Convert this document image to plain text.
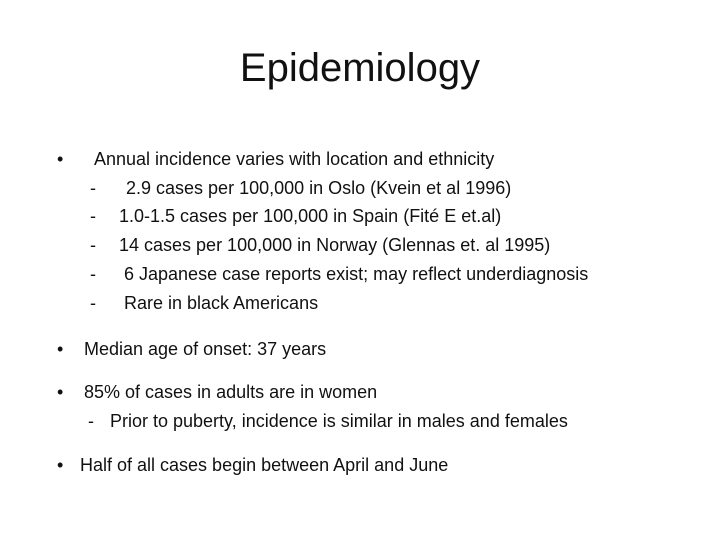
Epidemiology
• Annual incidence varies with location and ethnicity
- 2.9 cases per 100,000 in Oslo (Kvein et al 1996)
- 1.0-1.5 cases per 100,000 in Spain (Fité E et.al)
- 14 cases per 100,000 in Norway (Glennas et. al 1995)
- 6 Japanese case reports exist; may reflect underdiagnosis
- Rare in black Americans
• Median age of onset: 37 years
• 85% of cases in adults are in women
- Prior to puberty, incidence is similar in males and females
• Half of all cases begin between April and June
